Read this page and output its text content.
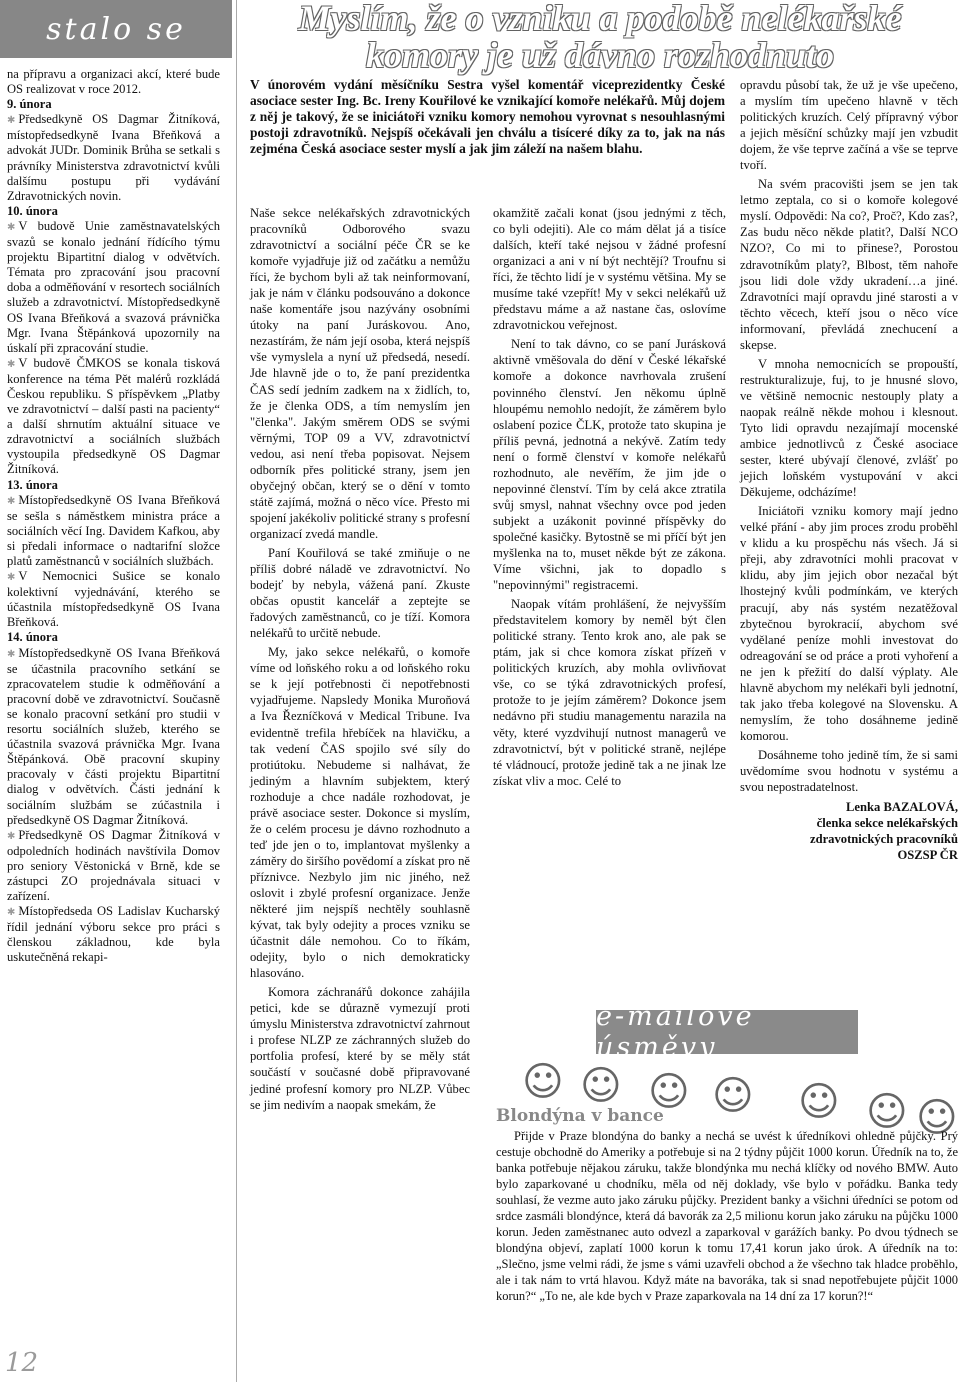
stalo se

na přípravu a organizaci akcí, které bude OS realizovat v roce 2012.

9. února

✱ Předsedkyně OS Dagmar Žitníková, místopředsedkyně Ivana Břeňková a advokát JUDr. Dominik Brůha se setkali s právníky Ministerstva zdravotnictví kvůli dalšímu postupu při vydávání Zdravotnických novin.

10. února

✱ V budově Unie zaměstnavatelských svazů se konalo jednání řídícího týmu projektu Bipartitní dialog v odvětvích. Témata pro zpracování jsou pracovní doba a odměňování v resortech sociálních služeb a zdravotnictví. Místopředsedkyně OS Ivana Břeňková a svazová právnička Mgr. Ivana Štěpánková upozornily na úskalí při zpracování studie.

✱ V budově ČMKOS se konala tisková konference na téma Pět malérů rozkládá Českou republiku. S příspěvkem „Platby ve zdravotnictví – další pasti na pacienty“ a další shrnutím aktuální situace ve zdravotnictví a sociálních službách vystoupila předsedkyně OS Dagmar Žitníková.

13. února

✱ Místopředsedkyně OS Ivana Břeňková se sešla s náměstkem ministra práce a sociálních věcí Ing. Davidem Kafkou, aby si předali informace o nadtarifní složce platů zaměstnanců v sociálních službách.

✱ V Nemocnici Sušice se konalo kolektivní vyjednávání, kterého se účastnila místopředsedkyně OS Ivana Břeňková.

14. února

✱ Místopředsedkyně OS Ivana Břeňková se účastnila pracovního setkání se zpracovatelem studie k odměňování a pracovní době ve zdravotnictví. Současně se konalo pracovní setkání pro studii v resortu sociálních služeb, kterého se účastnila svazová právnička Mgr. Ivana Štěpánková. Obě pracovní skupiny pracovaly v části projektu Bipartitní dialog v odvětvích. Části jednání k sociálním službám se zúčastnila i předsedkyně OS Dagmar Žitníková.

✱ Předsedkyně OS Dagmar Žitníková v odpoledních hodinách navštívila Domov pro seniory Věstonická v Brně, kde se zástupci ZO projednávala situaci v zařízení.

✱ Místopředseda OS Ladislav Kucharský řídil jednání výboru sekce pro práci s členskou základnou, kde byla uskutečněná rekapi-

12
Myslím, že o vzniku a podobě nelékařské komory je už dávno rozhodnuto

V únorovém vydání měsíčníku Sestra vyšel komentář viceprezidentky České asociace sester Ing. Bc. Ireny Kouřilové ke vznikající komoře nelékařů. Můj dojem z něj je takový, že se iniciátoři vzniku komory nemohou vyrovnat s nesouhlasnými postoji zdravotníků. Nejspíš očekávali jen chválu a tisíceré díky za to, jak na nás zejména Česká asociace sester myslí a jak jim záleží na našem blahu.

Naše sekce nelékařských zdravotnických pracovníků Odborového svazu zdravotnictví a sociální péče ČR se ke komoře vyjadřuje již od začátku a nemůžu říci, že bychom byli až tak neinformovaní, jak je nám v článku podsouváno a dokonce naše komentáře jsou nazývány osobními útoky na paní Juráskovou. Ano, nezastírám, že nám její osoba, která nejspíš vše vymyslela a nyní už předsedá, nesedí. Jde hlavně jde o to, že paní prezidentka ČAS sedí jedním zadkem na x židlích, to, že je členka ODS, a tím nemyslím jen "členka". Jakým směrem ODS se svými věrnými, TOP 09 a VV, zdravotnictví vedou, asi není třeba popisovat. Nejsem odborník přes politické strany, jsem jen obyčejný občan, který se o dění v tomto státě zajímá, možná o něco více. Přesto mi spojení jakékoliv politické strany s profesní organizací zvedá mandle.

Paní Kouřilová se také zmiňuje o ne příliš dobré náladě ve zdravotnictví. No bodejť by nebyla, vážená paní. Zkuste občas opustit kancelář a zeptejte se řadových zaměstnanců, co je tíží. Komora nelékařů to určitě nebude.

My, jako sekce nelékařů, o komoře víme od loňského roku a od loňského roku se k její potřebnosti či nepotřebnosti vyjadřujeme. Napsledy Monika Muroňová a Iva Řezníčková v Medical Tribune. Iva evidentně trefila hřebíček na hlavičku, a tak vedení ČAS spojilo své síly do protiútoku. Nebudeme si nalhávat, že jediným a hlavním subjektem, který rozhoduje a chce nadále rozhodovat, je právě asociace sester. Dokonce si myslím, že o celém procesu je dávno rozhodnuto a teď jde jen o to, implantovat myšlenky a záměry do širšího povědomí a získat pro ně příznivce. Nezbylo jim nic jiného, než oslovit i zbylé profesní organizace. Jenže některé jim nejspíš nechtěly souhlasně kývat, tak byly odejity a proces vzniku se účastnit dále nemohou. Co to říkám, odejity, bylo o nich demokraticky hlasováno.

Komora záchranářů dokonce zahájila petici, kde se důrazně vymezují proti úmyslu Ministerstva zdravotnictví zahrnout i profese NLZP ze záchranných služeb do portfolia profesí, které by se měly stát součástí v současné době připravované jediné profesní komory pro NLZP. Vůbec se jim nedivím a naopak smekám, že

okamžitě začali konat (jsou jednými z těch, co byli odejiti). Ale co mám dělat já a tisíce dalších, kteří také nejsou v žádné profesní organizaci a ani v ní být nechtějí? Troufnu si říci, že těchto lidí je v systému většina. My se musíme také vzepřít! My v sekci nelékařů už představu máme a až nastane čas, oslovíme zdravotnickou veřejnost.

Není to tak dávno, co se paní Jurásková aktivně vměšovala do dění v České lékařské komoře a dokonce navrhovala zrušení povinného členství. Jen někomu úplně hloupému nemohlo nedojít, že záměrem bylo oslabení pozice ČLK, protože tato skupina je příliš pevná, jednotná a nekývě. Zatím tedy není o formě členství v komoře nelékařů rozhodnuto, ale nevěřím, že jim jde o nepovinné členství. Tím by celá akce ztratila svůj smysl, nahnat všechny ovce pod jeden subjekt a uzákonit povinné příspěvky do společné kasičky. Bytostně se mi příčí být jen myšlenka na to, muset někde být ze zákona. Víme všichni, jak to dopadlo s "nepovinnými" registracemi.

Naopak vítám prohlášení, že nejvyšším představitelem komory by neměl být člen politické strany. Tento krok ano, ale pak se ptám, jak si chce komora získat přízeň v politických kruzích, aby mohla ovlivňovat vše, co se týká zdravotnických profesí, protože to je jejím záměrem? Dokonce jsem nedávno při studiu managementu narazila na věty, které vyzdvihují nutnost managerů ve zdravotnictví, být v politické straně, nejlépe té vládnoucí, protože jedině tak a ne jinak lze získat vliv a moc. Celé to

opravdu působí tak, že už je vše upečeno, a myslím tím upečeno hlavně v těch politických kruzích. Celý přípravný výbor a jejich měsíční schůzky mají jen vzbudit dojem, že vše teprve začíná a vše se teprve tvoří.

Na svém pracovišti jsem se jen tak letmo zeptala, co si o komoře kolegové myslí. Odpovědi: Na co?, Proč?, Kdo zas?, Zas budu něco někde platit?, Další NCO NZO?, Co mi to přinese?, Porostou zdravotníkům platy?, Blbost, těm nahoře jsou lidi dole vždy ukradení…a jiné. Zdravotníci mají opravdu jiné starosti a v těchto věcech, kteří jsou o něco více informovaní, převládá znechucení a skepse.

V mnoha nemocnicích se propouští, restrukturalizuje, fuj, to je hnusné slovo, ve většině nemocnic nestouply platy a naopak reálně někde mohou i klesnout. Tyto lidi opravdu nezajímají mocenské ambice jednotlivců z České asociace sester, které ubývají členové, zvlášť po jejich loňském vystupování v akci Děkujeme, odcházíme!

Iniciátoři vzniku komory mají jedno velké přání - aby jim proces zrodu proběhl v klidu a ku prospěchu nás všech. Já si přeji, aby zdravotníci mohli pracovat v klidu, aby jim jejich obor nezačal být lhostejný kvůli podmínkám, ve kterých pracují, aby nás systém nezatěžoval zbytečnou byrokracií, abychom své vydělané peníze mohli investovat do odreagování se od práce a proti vyhoření a ne jen k přežití do další výplaty. Ale hlavně abychom my nelékaři byli jednotní, tak jako třeba kolegové na Slovensku. A nemyslím, že toho dosáhneme jedině komorou.

Dosáhneme toho jedině tím, že si sami uvědomíme svou hodnotu v systému a svou nepostradatelnost.

Lenka BAZALOVÁ,
členka sekce nelékařských
zdravotnických pracovníků
OSZSP ČR
e-mailové úsměvy
☺ ☺ ☺ ☺ ☺ ☺ ☺
Blondýna v bance

Přijde v Praze blondýna do banky a nechá se uvést k úředníkovi ohledně půjčky. Prý cestuje obchodně do Ameriky a potřebuje si na 2 týdny půjčit 1000 korun. Úředník na to, že banka potřebuje nějakou záruku, takže blondýnka mu nechá klíčky od nového BMW. Auto bylo zaparkované u chodníku, měla od něj doklady, vše bylo v pořádku. Banka tedy souhlasí, že vezme auto jako záruku půjčky. Prezident banky a všichni úředníci se potom od srdce zasmáli blondýnce, která dá bavorák za 2,5 milionu korun jako záruku na půjčku 1000 korun. Jeden zaměstnanec auto odvezl a zaparkoval v garážích banky. Po dvou týdnech se blondýna objeví, zaplatí 1000 korun k tomu 17,41 korun jako úrok. A úředník na to: „Slečno, jsme velmi rádi, že jsme s vámi uzavřeli obchod a že všechno tak hladce proběhlo, ale i tak nám to vrtá hlavou. Když máte na bavoráka, tak si snad nepotřebujete půjčit 1000 korun?“ „To ne, ale kde bych v Praze zaparkovala na 14 dní za 17 korun?!“
